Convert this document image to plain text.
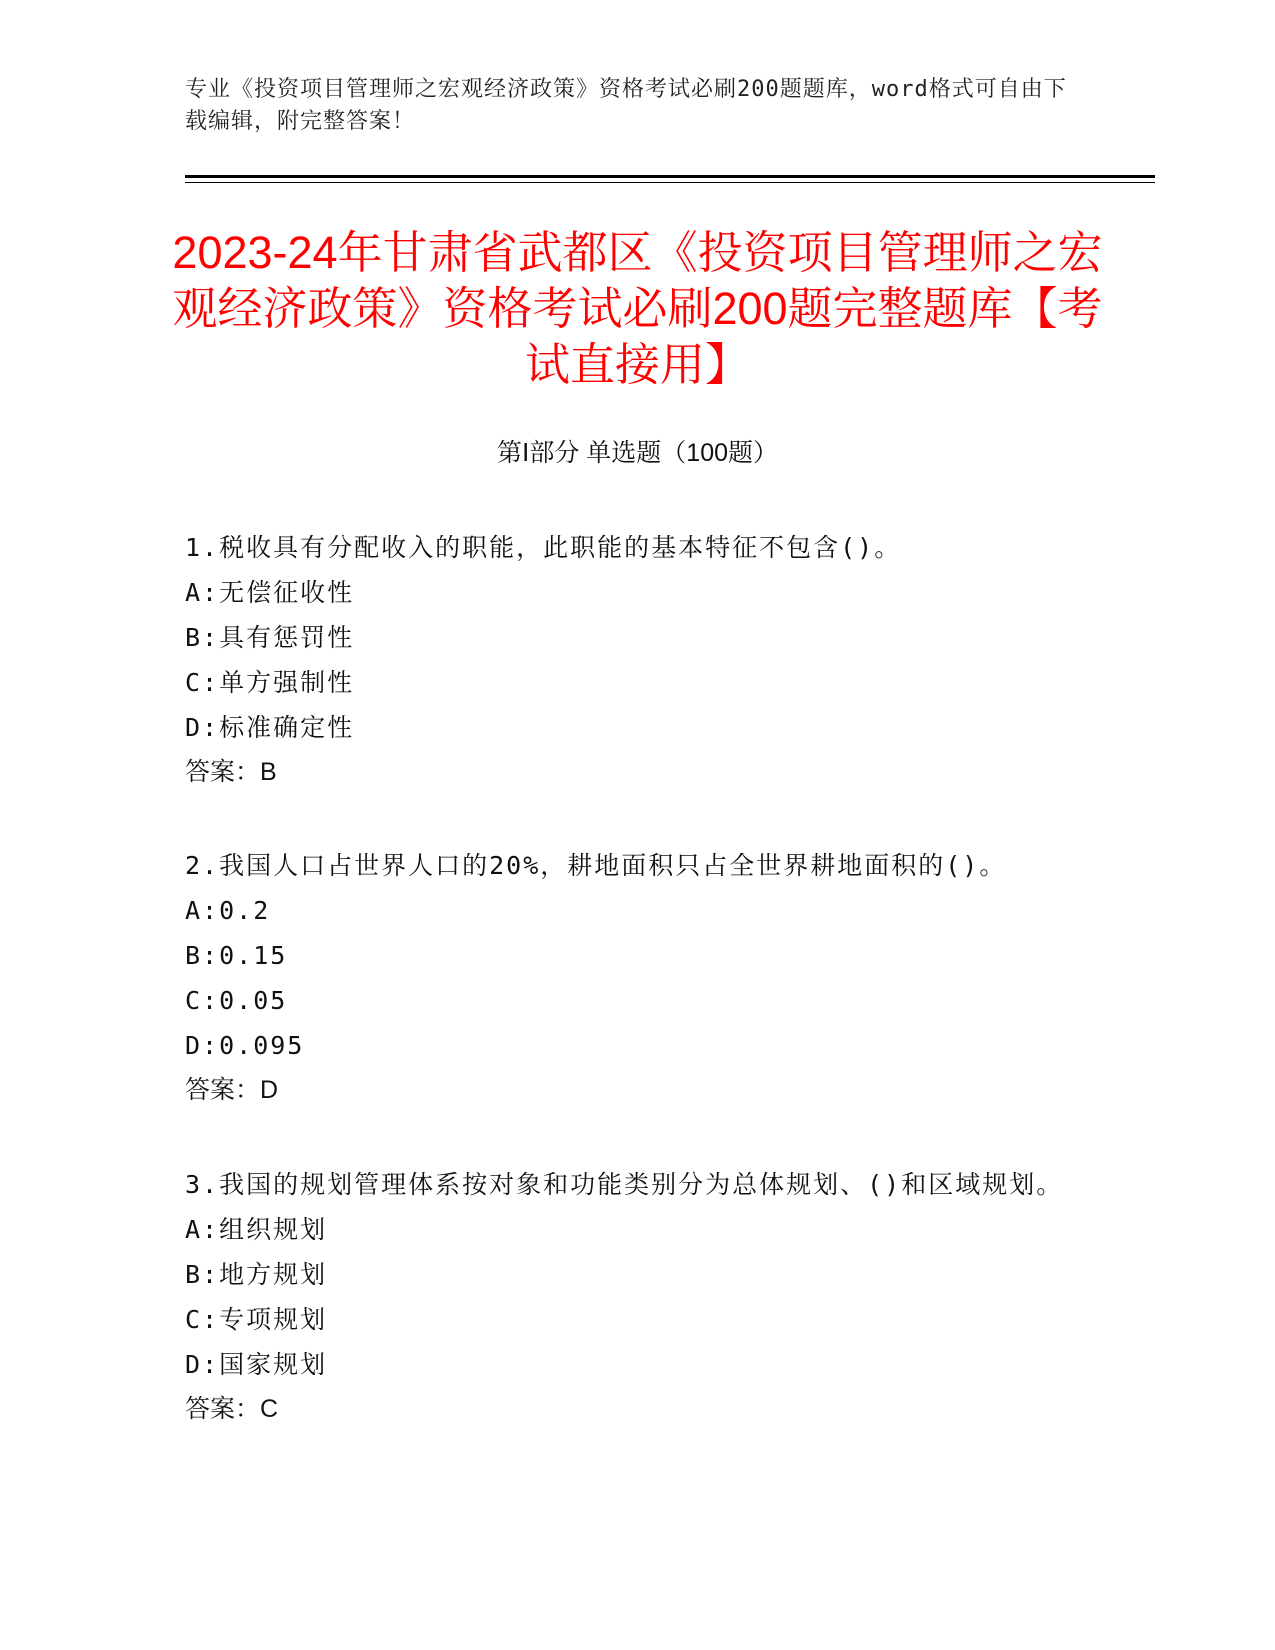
专业《投资项目管理师之宏观经济政策》资格考试必刷200题题库，word格式可自由下载编辑，附完整答案！
2023-24年甘肃省武都区《投资项目管理师之宏观经济政策》资格考试必刷200题完整题库【考试直接用】
第Ⅰ部分 单选题（100题）
1.税收具有分配收入的职能，此职能的基本特征不包含()。
A:无偿征收性
B:具有惩罚性
C:单方强制性
D:标准确定性
答案：B
2.我国人口占世界人口的20%，耕地面积只占全世界耕地面积的()。
A:0.2
B:0.15
C:0.05
D:0.095
答案：D
3.我国的规划管理体系按对象和功能类别分为总体规划、()和区域规划。
A:组织规划
B:地方规划
C:专项规划
D:国家规划
答案：C
